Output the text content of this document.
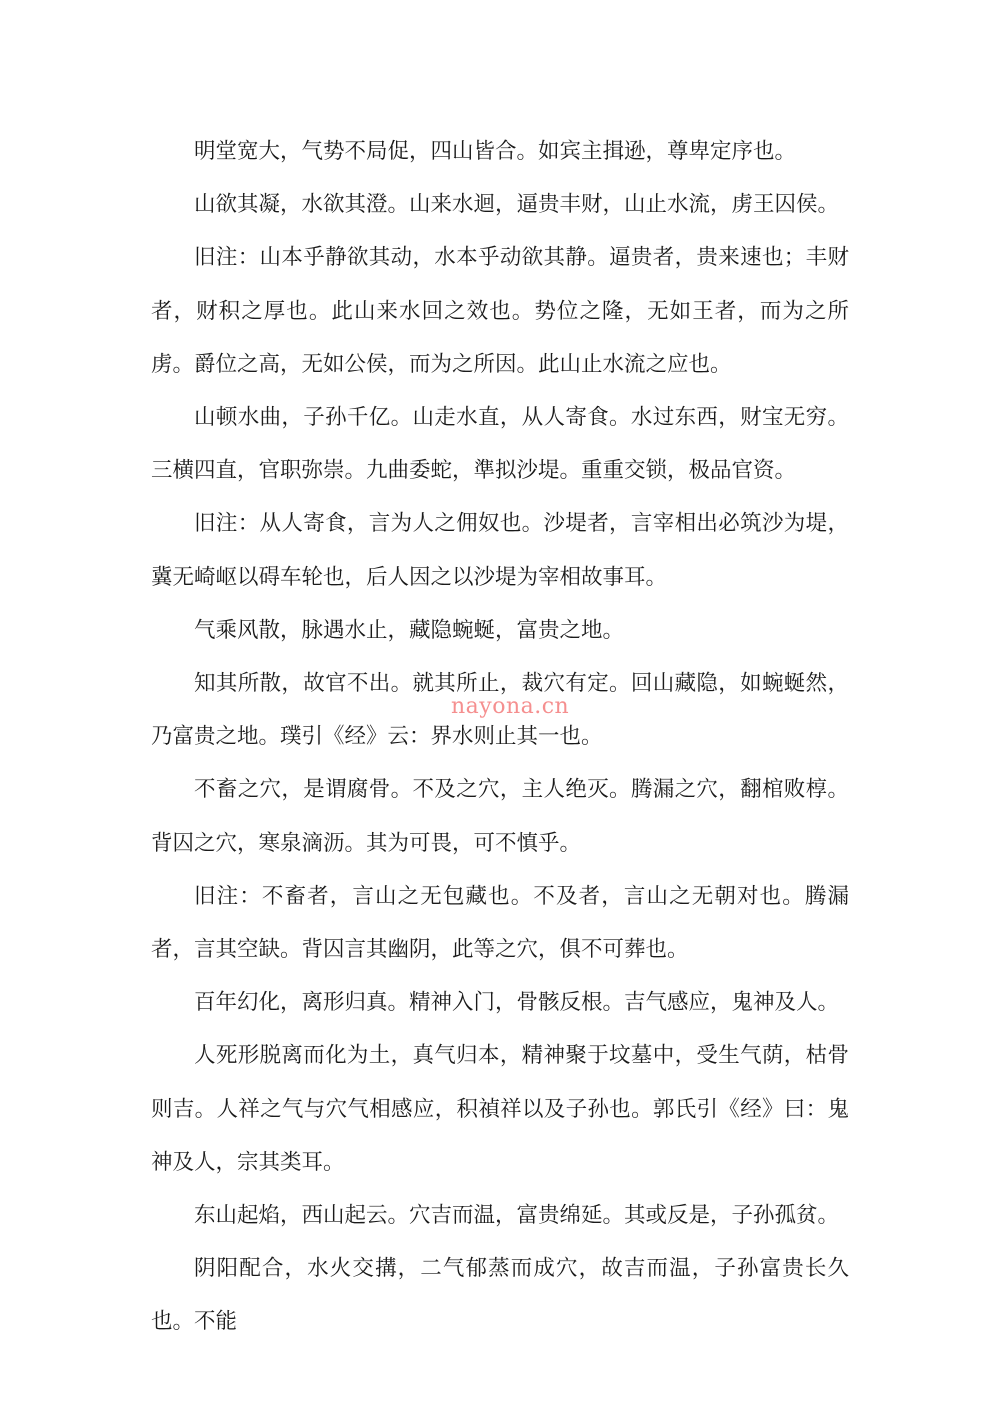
明堂宽大，气势不局促，四山皆合。如宾主揖逊，尊卑定序也。

山欲其凝，水欲其澄。山来水迴，逼贵丰财，山止水流，虏王囚侯。

旧注：山本乎静欲其动，水本乎动欲其静。逼贵者，贵来速也；丰财者，财积之厚也。此山来水回之效也。势位之隆，无如王者，而为之所虏。爵位之高，无如公侯，而为之所因。此山止水流之应也。

山顿水曲，子孙千亿。山走水直，从人寄食。水过东西，财宝无穷。三横四直，官职弥崇。九曲委蛇，準拟沙堤。重重交锁，极品官资。

旧注：从人寄食，言为人之佣奴也。沙堤者，言宰相出必筑沙为堤，冀无崎岖以碍车轮也，后人因之以沙堤为宰相故事耳。

气乘风散，脉遇水止，藏隐蜿蜒，富贵之地。

知其所散，故官不出。就其所止，裁穴有定。回山藏隐，如蜿蜒然，乃富贵之地。璞引《经》云：界水则止其一也。

不畜之穴，是谓腐骨。不及之穴，主人绝灭。腾漏之穴，翻棺败椁。背囚之穴，寒泉滴沥。其为可畏，可不慎乎。

旧注：不畜者，言山之无包藏也。不及者，言山之无朝对也。腾漏者，言其空缺。背囚言其幽阴，此等之穴，俱不可葬也。

百年幻化，离形归真。精神入门，骨骸反根。吉气感应，鬼神及人。

人死形脱离而化为土，真气归本，精神聚于坟墓中，受生气荫，枯骨则吉。人祥之气与穴气相感应，积禎祥以及子孙也。郭氏引《经》曰：鬼神及人，宗其类耳。

东山起焰，西山起云。穴吉而温，富贵绵延。其或反是，子孙孤贫。

阴阳配合，水火交搆，二气郁蒸而成穴，故吉而温，子孙富贵长久也。不能

nayona.cn
